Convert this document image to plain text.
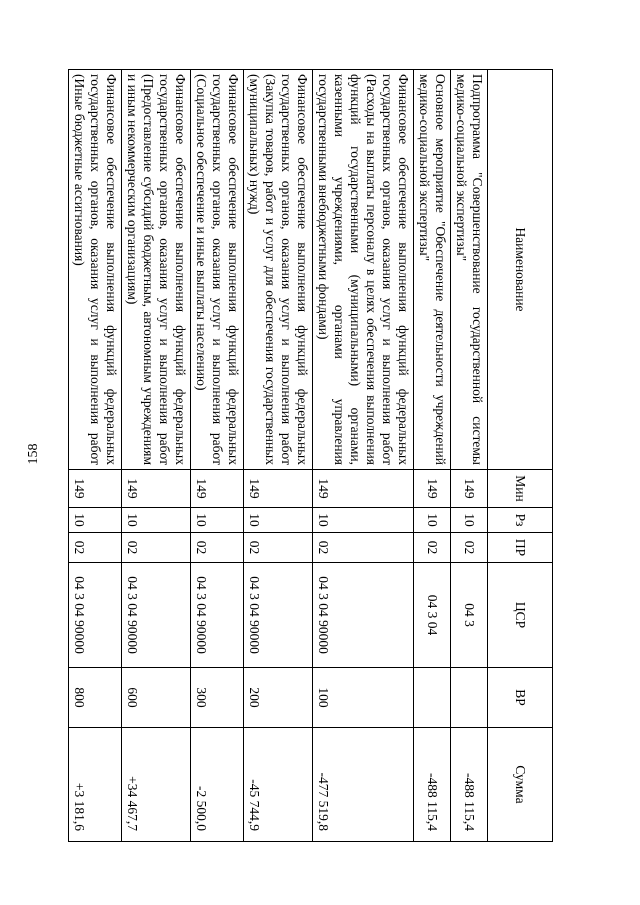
158
Наименование	Мин	Рз	ПР	ЦСР	ВР	Сумма
Подпрограмма "Совершенствование государственной системы медико-социальной экспертизы"	149	10	02	04 3		-488 115,4
Основное мероприятие "Обеспечение деятельности учреждений медико-социальной экспертизы"	149	10	02	04 3 04		-488 115,4
Финансовое обеспечение выполнения функций федеральных государственных органов, оказания услуг и выполнения работ (Расходы на выплаты персоналу в целях обеспечения выполнения функций государственными (муниципальными) органами, казенными учреждениями, органами управления государственными внебюджетными фондами)	149	10	02	04 3 04 90000	100	-477 519,8
Финансовое обеспечение выполнения функций федеральных государственных органов, оказания услуг и выполнения работ (Закупка товаров, работ и услуг для обеспечения государственных (муниципальных) нужд)	149	10	02	04 3 04 90000	200	-45 744,9
Финансовое обеспечение выполнения функций федеральных государственных органов, оказания услуг и выполнения работ (Социальное обеспечение и иные выплаты населению)	149	10	02	04 3 04 90000	300	-2 500,0
Финансовое обеспечение выполнения функций федеральных государственных органов, оказания услуг и выполнения работ (Предоставление субсидий бюджетным, автономным учреждениям и иным некоммерческим организациям)	149	10	02	04 3 04 90000	600	+34 467,7
Финансовое обеспечение выполнения функций федеральных государственных органов, оказания услуг и выполнения работ (Иные бюджетные ассигнования)	149	10	02	04 3 04 90000	800	+3 181,6
